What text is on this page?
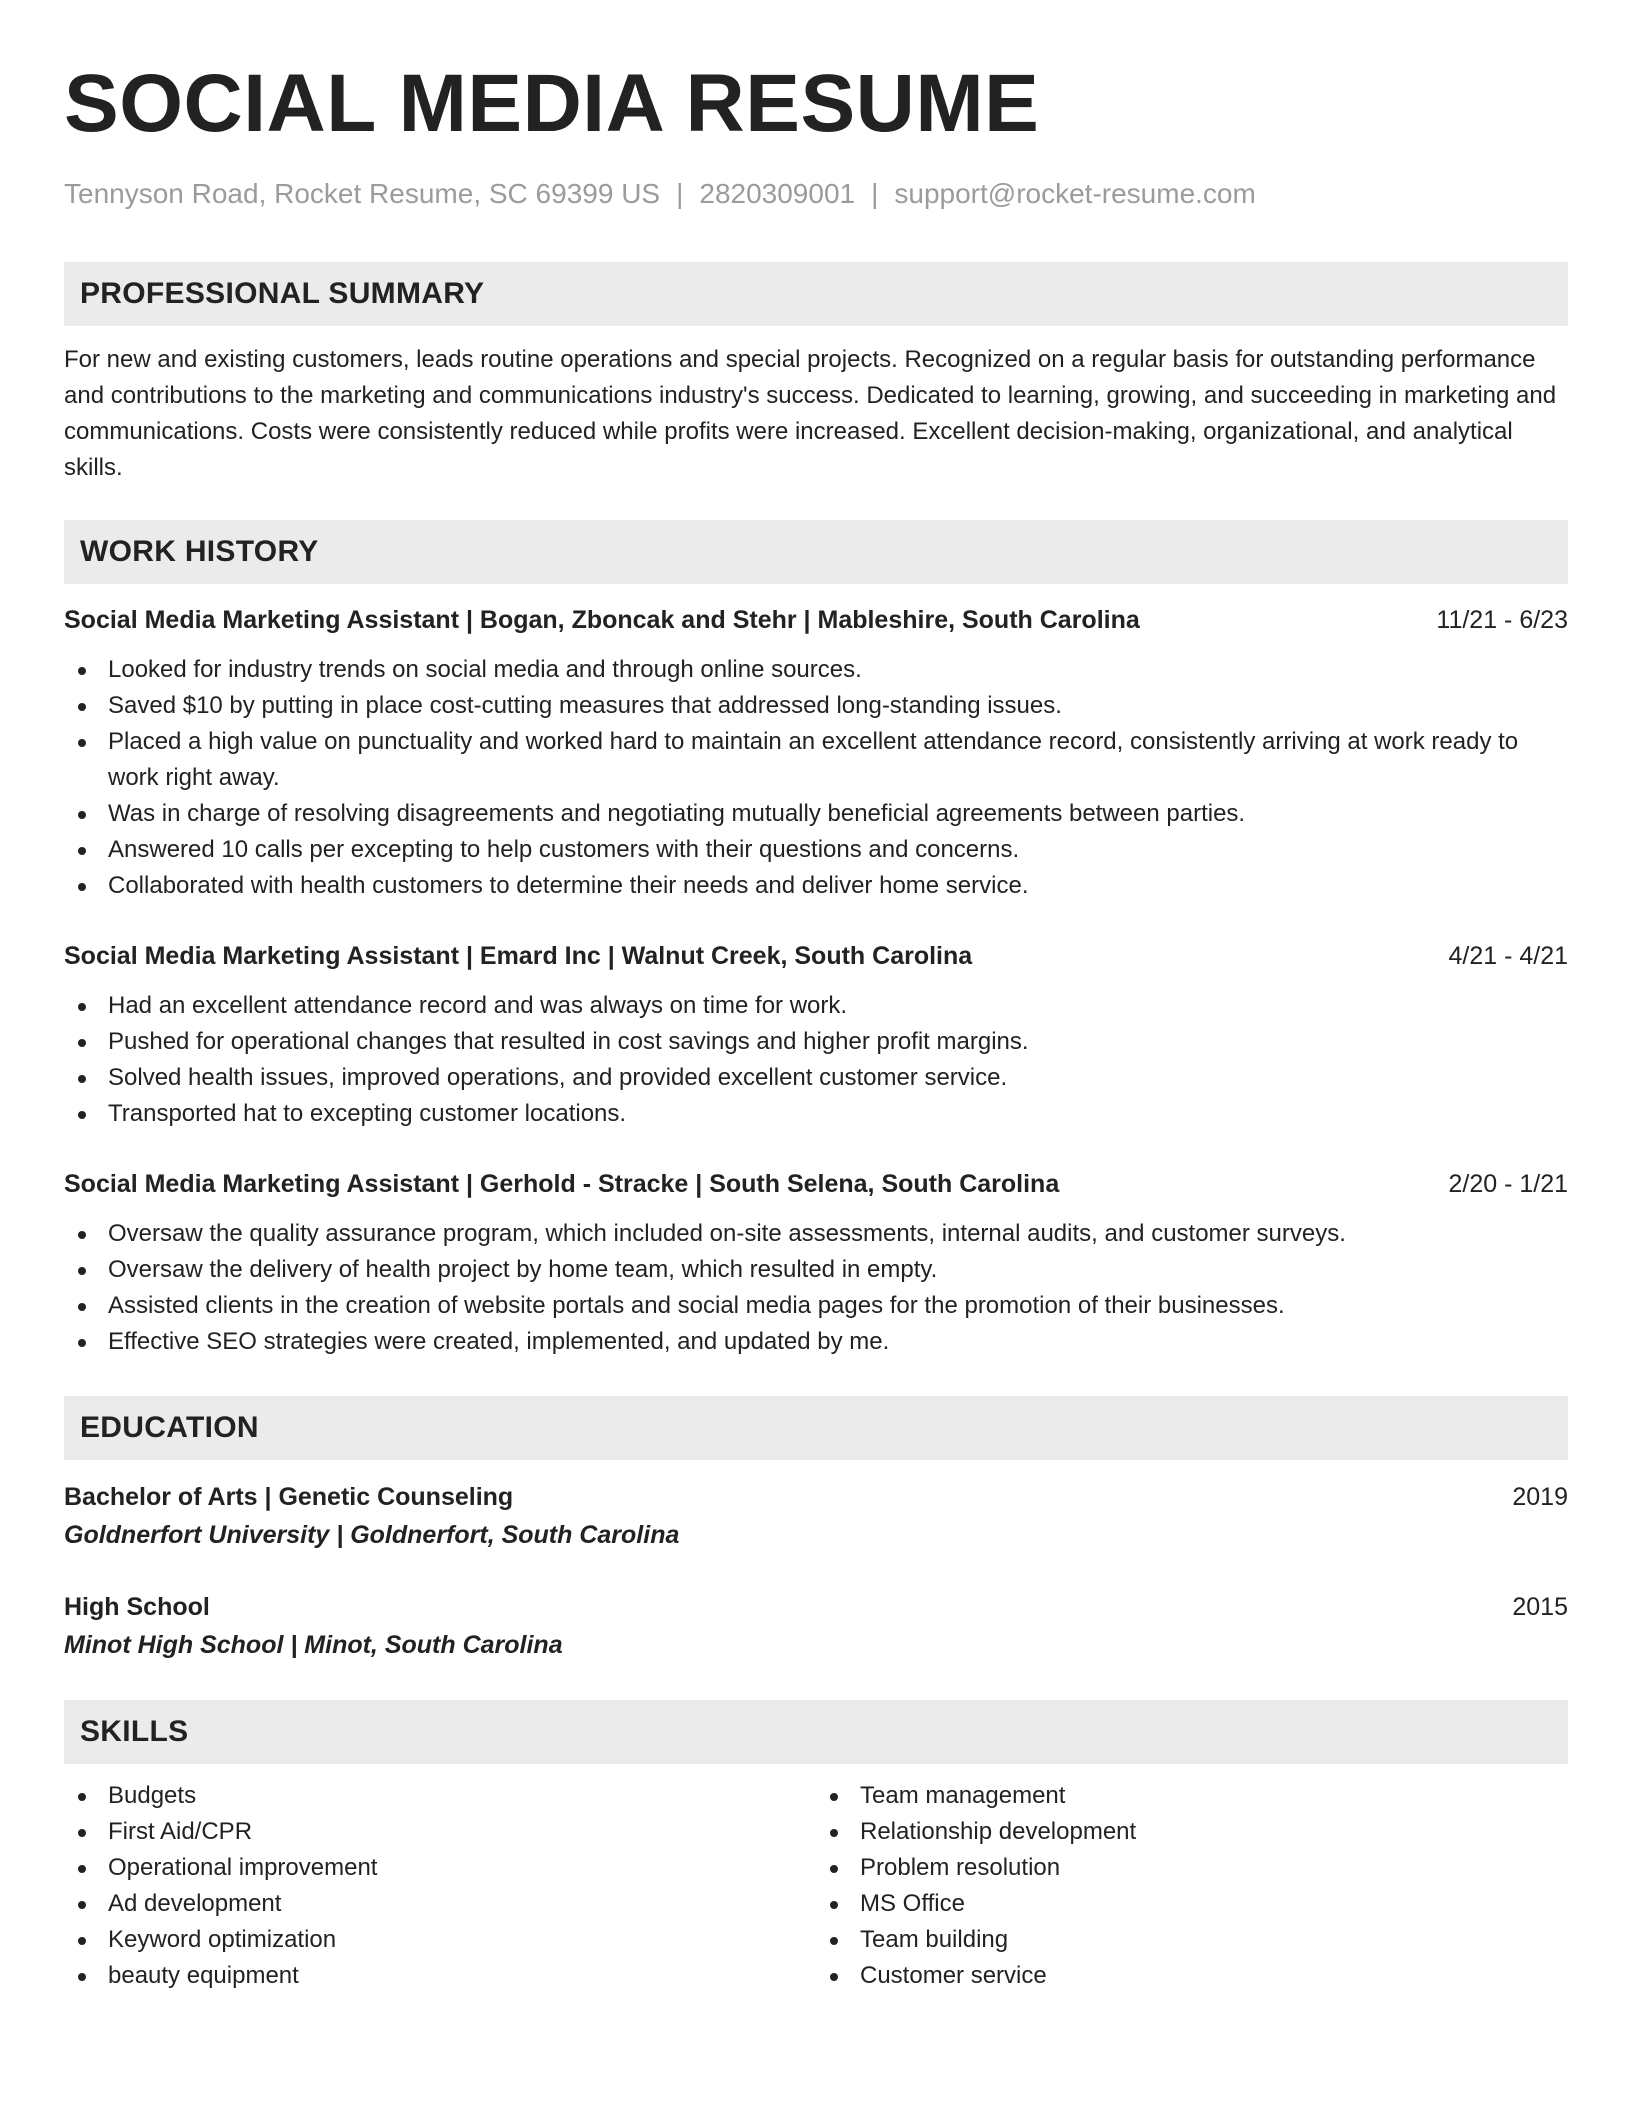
SOCIAL MEDIA RESUME
Tennyson Road, Rocket Resume, SC 69399 US | 2820309001 | support@rocket-resume.com
PROFESSIONAL SUMMARY
For new and existing customers, leads routine operations and special projects. Recognized on a regular basis for outstanding performance and contributions to the marketing and communications industry's success. Dedicated to learning, growing, and succeeding in marketing and communications. Costs were consistently reduced while profits were increased. Excellent decision-making, organizational, and analytical skills.
WORK HISTORY
Social Media Marketing Assistant | Bogan, Zboncak and Stehr | Mableshire, South Carolina	11/21 - 6/23
Looked for industry trends on social media and through online sources.
Saved $10 by putting in place cost-cutting measures that addressed long-standing issues.
Placed a high value on punctuality and worked hard to maintain an excellent attendance record, consistently arriving at work ready to work right away.
Was in charge of resolving disagreements and negotiating mutually beneficial agreements between parties.
Answered 10 calls per excepting to help customers with their questions and concerns.
Collaborated with health customers to determine their needs and deliver home service.
Social Media Marketing Assistant | Emard Inc | Walnut Creek, South Carolina	4/21 - 4/21
Had an excellent attendance record and was always on time for work.
Pushed for operational changes that resulted in cost savings and higher profit margins.
Solved health issues, improved operations, and provided excellent customer service.
Transported hat to excepting customer locations.
Social Media Marketing Assistant | Gerhold - Stracke | South Selena, South Carolina	2/20 - 1/21
Oversaw the quality assurance program, which included on-site assessments, internal audits, and customer surveys.
Oversaw the delivery of health project by home team, which resulted in empty.
Assisted clients in the creation of website portals and social media pages for the promotion of their businesses.
Effective SEO strategies were created, implemented, and updated by me.
EDUCATION
Bachelor of Arts | Genetic Counseling	2019
Goldnerfort University | Goldnerfort, South Carolina
High School	2015
Minot High School | Minot, South Carolina
SKILLS
Budgets
First Aid/CPR
Operational improvement
Ad development
Keyword optimization
beauty equipment
Team management
Relationship development
Problem resolution
MS Office
Team building
Customer service
